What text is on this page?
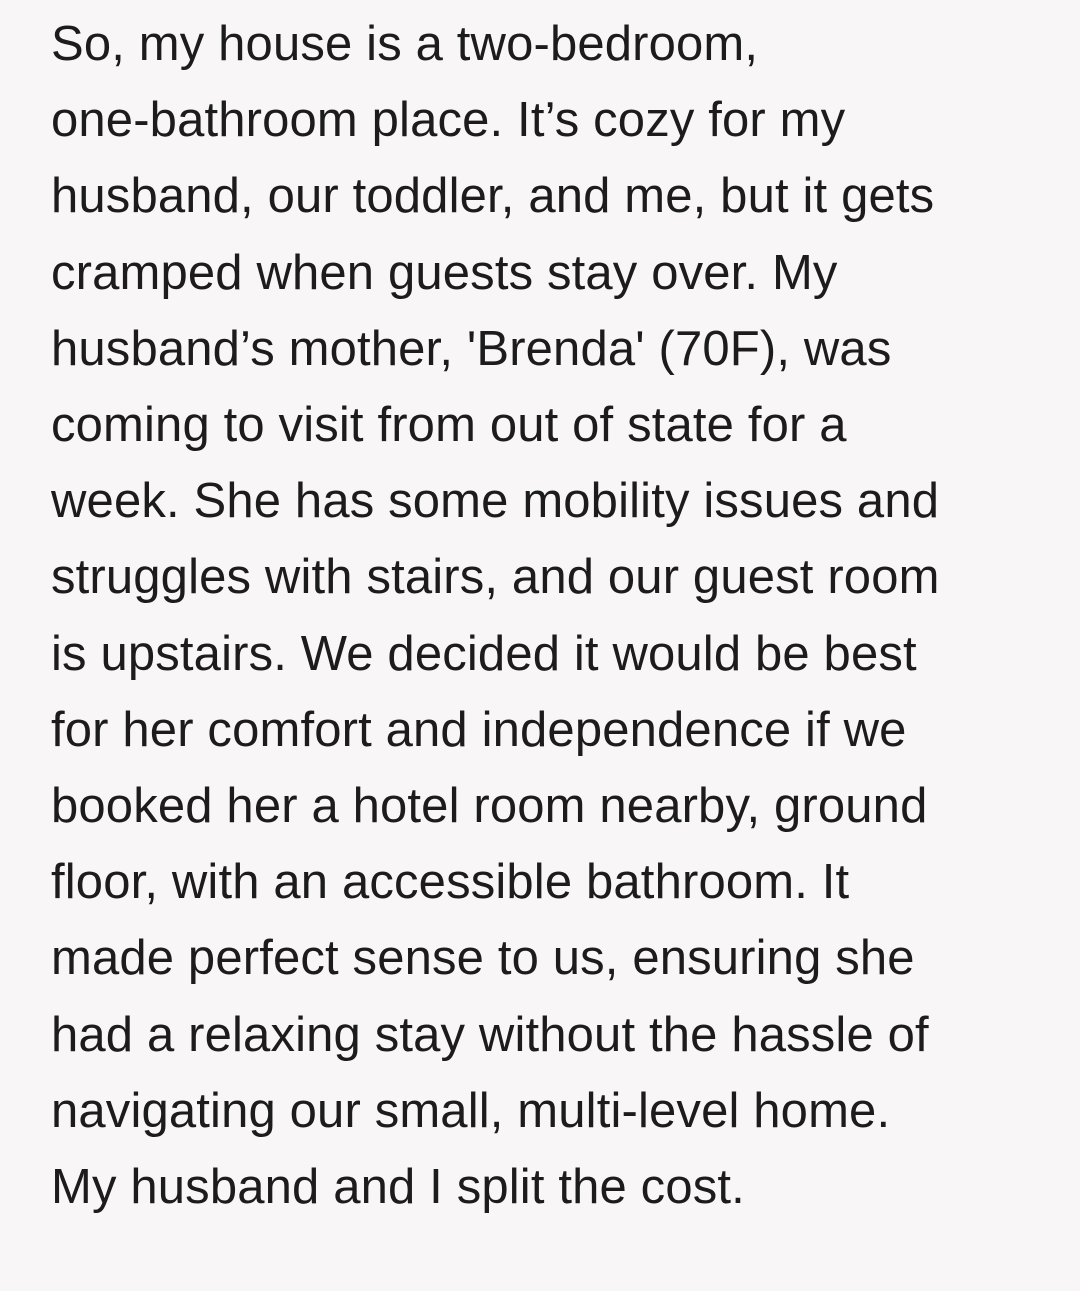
So, my house is a two-bedroom,
one-bathroom place. It’s cozy for my
husband, our toddler, and me, but it gets
cramped when guests stay over. My
husband’s mother, 'Brenda' (70F), was
coming to visit from out of state for a
week. She has some mobility issues and
struggles with stairs, and our guest room
is upstairs. We decided it would be best
for her comfort and independence if we
booked her a hotel room nearby, ground
floor, with an accessible bathroom. It
made perfect sense to us, ensuring she
had a relaxing stay without the hassle of
navigating our small, multi-level home.
My husband and I split the cost.
